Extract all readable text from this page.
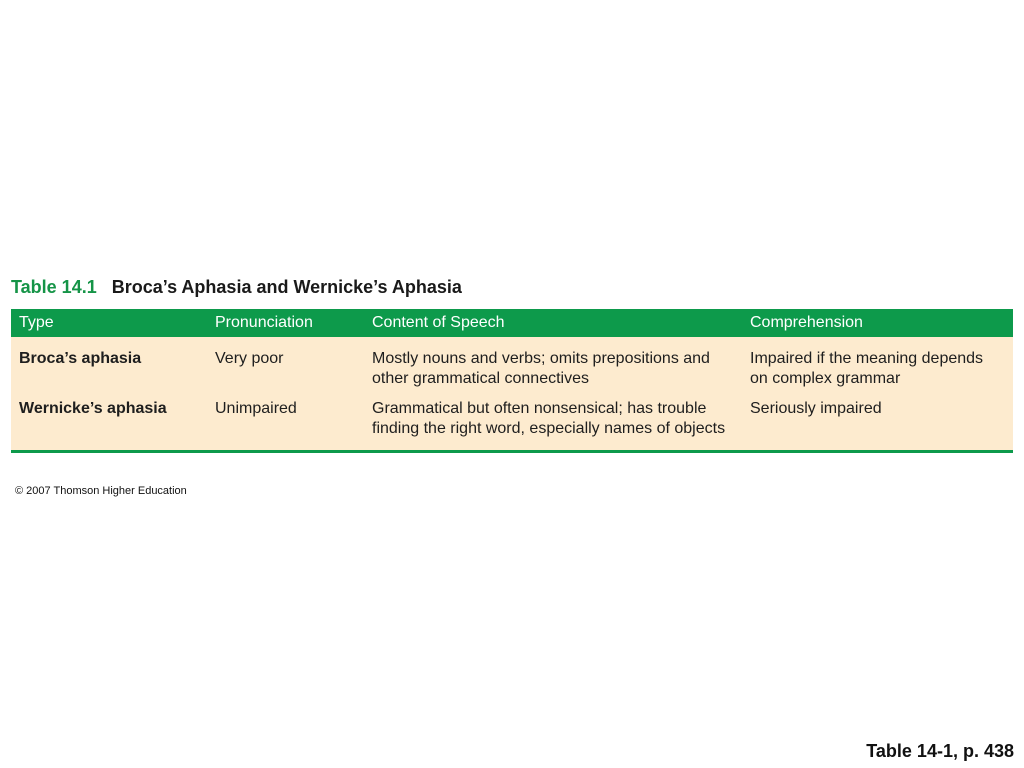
Table 14.1 Broca’s Aphasia and Wernicke’s Aphasia
Type	Pronunciation	Content of Speech	Comprehension
Broca’s aphasia	Very poor	Mostly nouns and verbs; omits prepositions and other grammatical connectives	Impaired if the meaning depends on complex grammar
Wernicke’s aphasia	Unimpaired	Grammatical but often nonsensical; has trouble finding the right word, especially names of objects	Seriously impaired
© 2007 Thomson Higher Education
Table 14-1, p. 438
